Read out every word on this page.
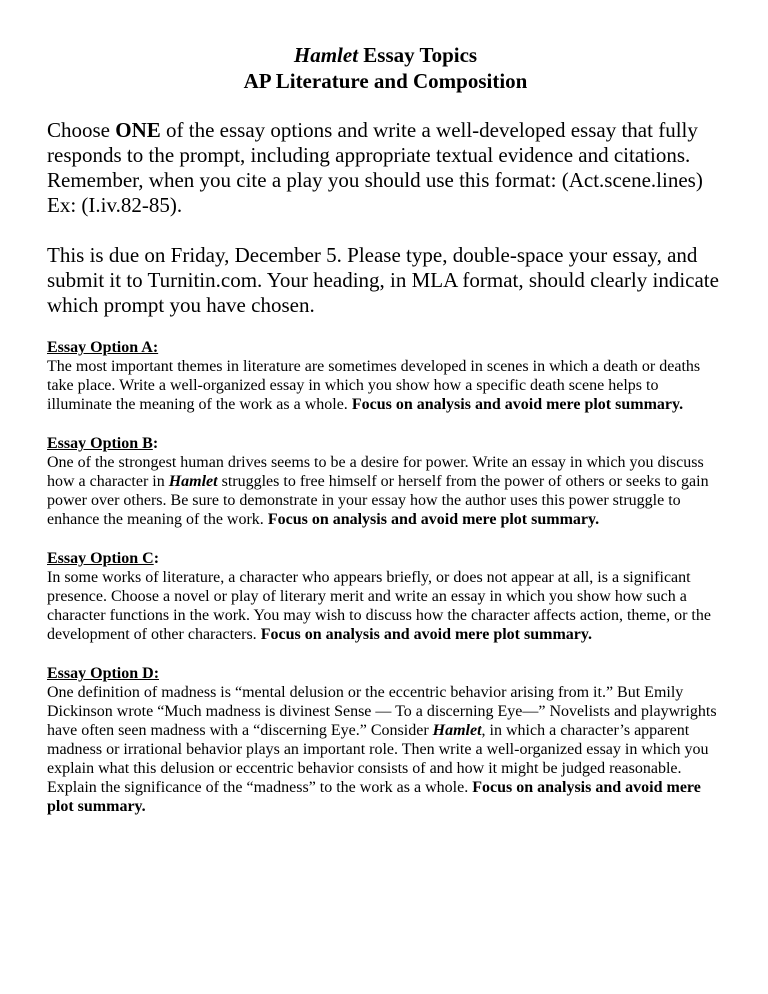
Hamlet Essay Topics
AP Literature and Composition

Choose ONE of the essay options and write a well-developed essay that fully responds to the prompt, including appropriate textual evidence and citations. Remember, when you cite a play you should use this format: (Act.scene.lines) Ex: (I.iv.82-85).

This is due on Friday, December 5. Please type, double-space your essay, and submit it to Turnitin.com. Your heading, in MLA format, should clearly indicate which prompt you have chosen.

Essay Option A:

The most important themes in literature are sometimes developed in scenes in which a death or deaths take place. Write a well-organized essay in which you show how a specific death scene helps to illuminate the meaning of the work as a whole. Focus on analysis and avoid mere plot summary.

Essay Option B:

One of the strongest human drives seems to be a desire for power. Write an essay in which you discuss how a character in Hamlet struggles to free himself or herself from the power of others or seeks to gain power over others. Be sure to demonstrate in your essay how the author uses this power struggle to enhance the meaning of the work. Focus on analysis and avoid mere plot summary.

Essay Option C:

In some works of literature, a character who appears briefly, or does not appear at all, is a significant presence. Choose a novel or play of literary merit and write an essay in which you show how such a character functions in the work. You may wish to discuss how the character affects action, theme, or the development of other characters. Focus on analysis and avoid mere plot summary.

Essay Option D:

One definition of madness is “mental delusion or the eccentric behavior arising from it.” But Emily Dickinson wrote “Much madness is divinest Sense — To a discerning Eye—” Novelists and playwrights have often seen madness with a “discerning Eye.” Consider Hamlet, in which a character’s apparent madness or irrational behavior plays an important role. Then write a well-organized essay in which you explain what this delusion or eccentric behavior consists of and how it might be judged reasonable. Explain the significance of the “madness” to the work as a whole. Focus on analysis and avoid mere plot summary.
